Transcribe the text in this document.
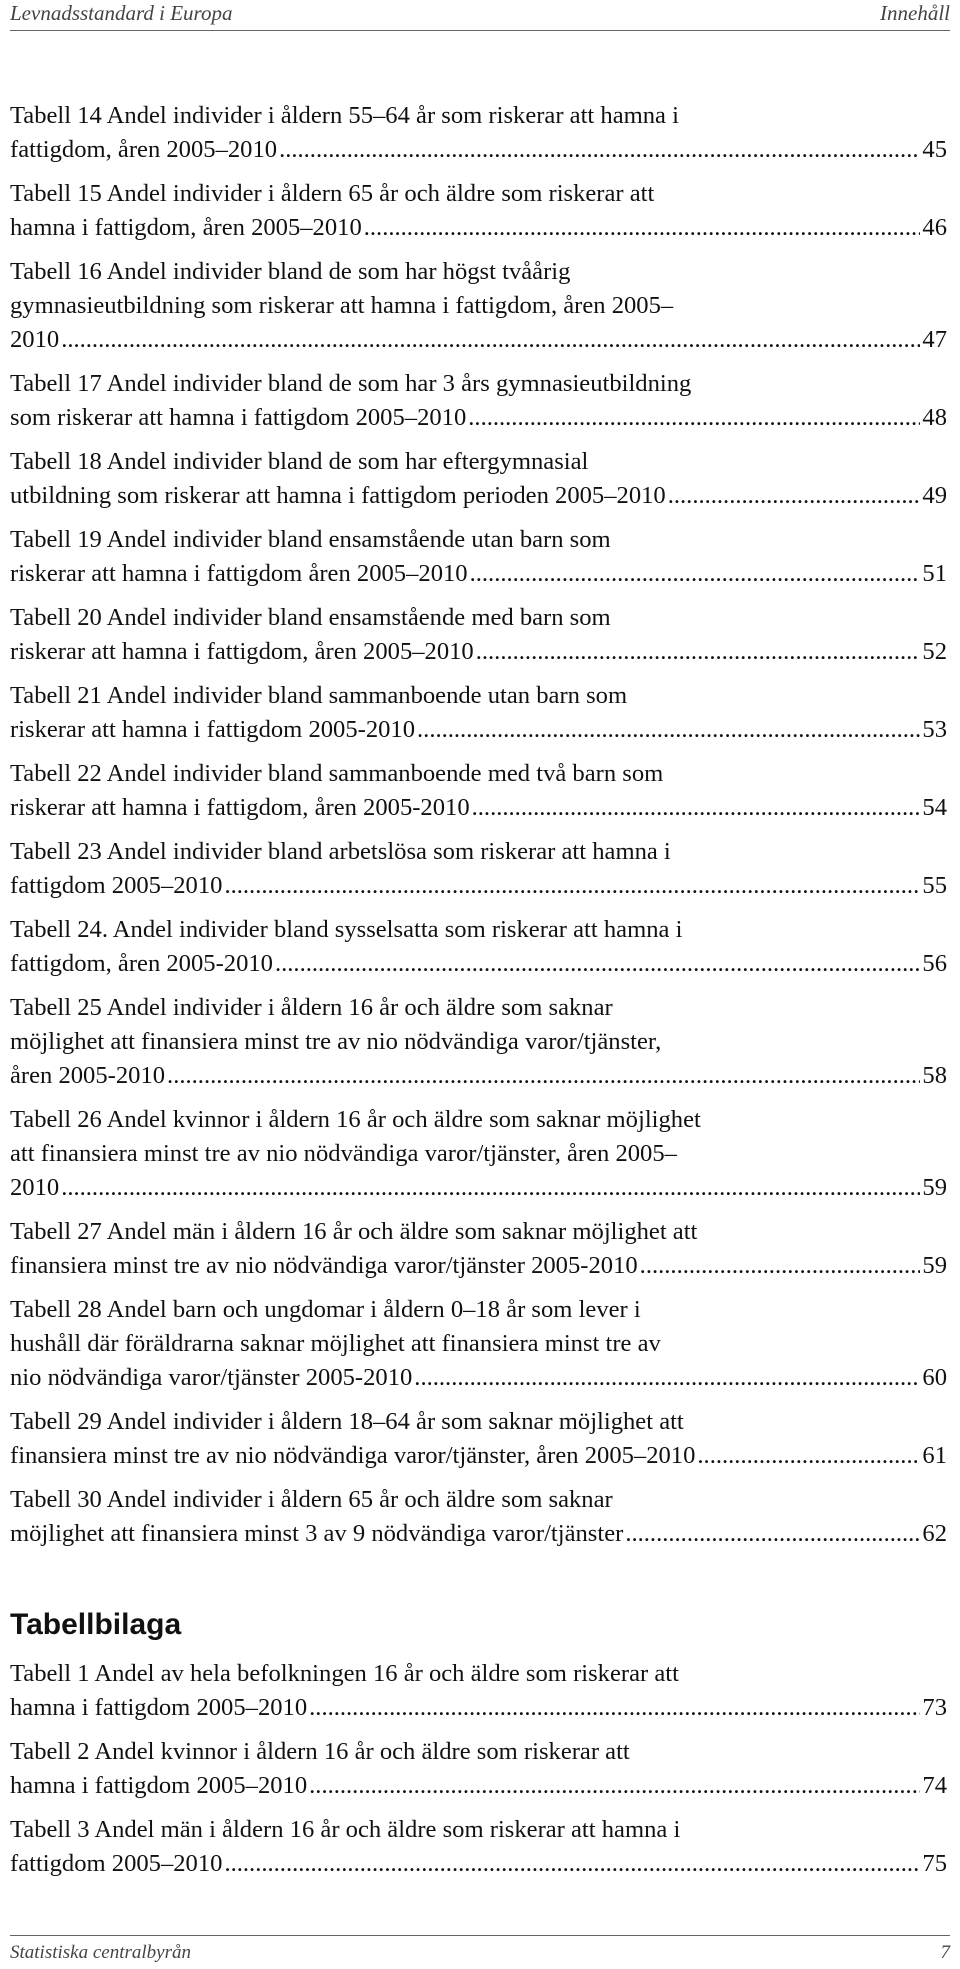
Levnadsstandard i Europa	Innehåll
Tabell 14 Andel individer i åldern 55–64 år som riskerar att hamna i
fattigdom, åren 2005–2010 .....	45
Tabell 15 Andel individer i åldern 65 år och äldre som riskerar att
hamna i fattigdom, åren 2005–2010 .....	46
Tabell 16 Andel individer bland de som har högst tvåårig
gymnasieutbildning som riskerar att hamna i fattigdom, åren 2005–
2010 .....	47
Tabell 17 Andel individer bland de som har 3 års gymnasieutbildning
som riskerar att hamna i fattigdom 2005–2010 .....	48
Tabell 18 Andel individer bland de som har eftergymnasial
utbildning som riskerar att hamna i fattigdom perioden 2005–2010 .....	49
Tabell 19 Andel individer bland ensamstående utan barn som
riskerar att hamna i fattigdom åren 2005–2010 .....	51
Tabell 20 Andel individer bland ensamstående med barn som
riskerar att hamna i fattigdom, åren 2005–2010 .....	52
Tabell 21 Andel individer bland sammanboende utan barn som
riskerar att hamna i fattigdom 2005-2010 .....	53
Tabell 22 Andel individer bland sammanboende med två barn som
riskerar att hamna i fattigdom, åren 2005-2010 .....	54
Tabell 23 Andel individer bland arbetslösa som riskerar att hamna i
fattigdom 2005–2010 .....	55
Tabell 24. Andel individer bland sysselsatta som riskerar att hamna i
fattigdom, åren 2005-2010 .....	56
Tabell 25 Andel individer i åldern 16 år och äldre som saknar
möjlighet att finansiera minst tre av nio nödvändiga varor/tjänster,
åren 2005-2010 .....	58
Tabell 26 Andel kvinnor i åldern 16 år och äldre som saknar möjlighet
att finansiera minst tre av nio nödvändiga varor/tjänster, åren 2005–
2010 .....	59
Tabell 27 Andel män i åldern 16 år och äldre som saknar möjlighet att
finansiera minst tre av nio nödvändiga varor/tjänster 2005-2010 .....	59
Tabell 28 Andel barn och ungdomar i åldern 0–18 år som lever i
hushåll där föräldrarna saknar möjlighet att finansiera minst tre av
nio nödvändiga varor/tjänster 2005-2010 .....	60
Tabell 29 Andel individer i åldern 18–64 år som saknar möjlighet att
finansiera minst tre av nio nödvändiga varor/tjänster, åren 2005–2010 .....	61
Tabell 30 Andel individer i åldern 65 år och äldre som saknar
möjlighet att finansiera minst 3 av 9 nödvändiga varor/tjänster .....	62
Tabellbilaga
Tabell 1 Andel av hela befolkningen 16 år och äldre som riskerar att
hamna i fattigdom 2005–2010 .....	73
Tabell 2 Andel kvinnor i åldern 16 år och äldre som riskerar att
hamna i fattigdom 2005–2010 .....	74
Tabell 3 Andel män i åldern 16 år och äldre som riskerar att hamna i
fattigdom 2005–2010 .....	75
Statistiska centralbyrån	7
